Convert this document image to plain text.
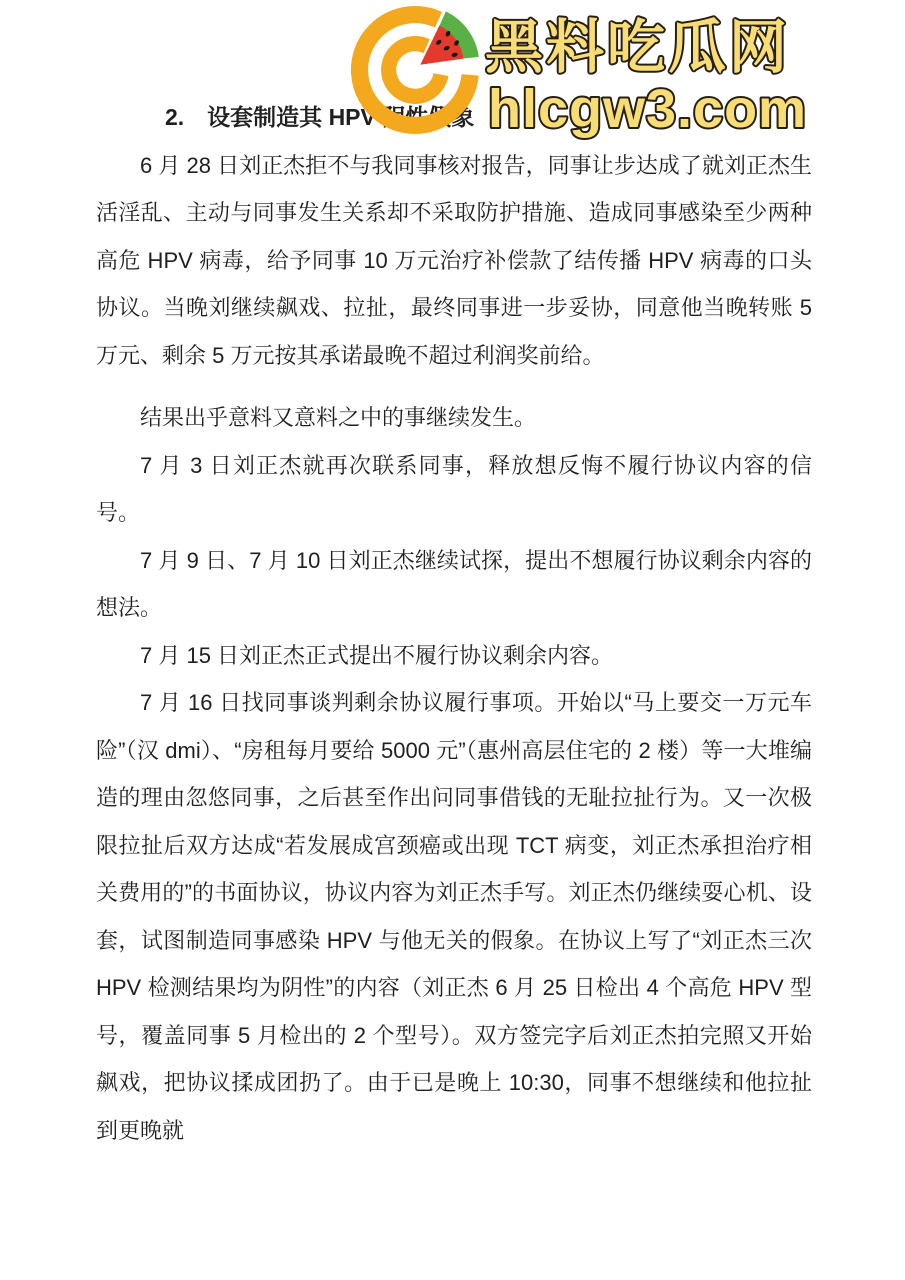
黑料吃瓜网
hlcgw3.com
2.　设套制造其 HPV 阴性假象

6 月 28 日刘正杰拒不与我同事核对报告，同事让步达成了就刘正杰生活淫乱、主动与同事发生关系却不采取防护措施、造成同事感染至少两种高危 HPV 病毒，给予同事 10 万元治疗补偿款了结传播 HPV 病毒的口头协议。当晚刘继续飙戏、拉扯，最终同事进一步妥协，同意他当晚转账 5 万元、剩余 5 万元按其承诺最晚不超过利润奖前给。

结果出乎意料又意料之中的事继续发生。

7 月 3 日刘正杰就再次联系同事，释放想反悔不履行协议内容的信号。

7 月 9 日、7 月 10 日刘正杰继续试探，提出不想履行协议剩余内容的想法。

7 月 15 日刘正杰正式提出不履行协议剩余内容。

7 月 16 日找同事谈判剩余协议履行事项。开始以“马上要交一万元车险”（汉 dmi）、“房租每月要给 5000 元”（惠州高层住宅的 2 楼）等一大堆编造的理由忽悠同事，之后甚至作出问同事借钱的无耻拉扯行为。又一次极限拉扯后双方达成“若发展成宫颈癌或出现 TCT 病变，刘正杰承担治疗相关费用的”的书面协议，协议内容为刘正杰手写。刘正杰仍继续耍心机、设套，试图制造同事感染 HPV 与他无关的假象。在协议上写了“刘正杰三次 HPV 检测结果均为阴性”的内容（刘正杰 6 月 25 日检出 4 个高危 HPV 型号，覆盖同事 5 月检出的 2 个型号）。双方签完字后刘正杰拍完照又开始飙戏，把协议揉成团扔了。由于已是晚上 10:30，同事不想继续和他拉扯到更晚就
